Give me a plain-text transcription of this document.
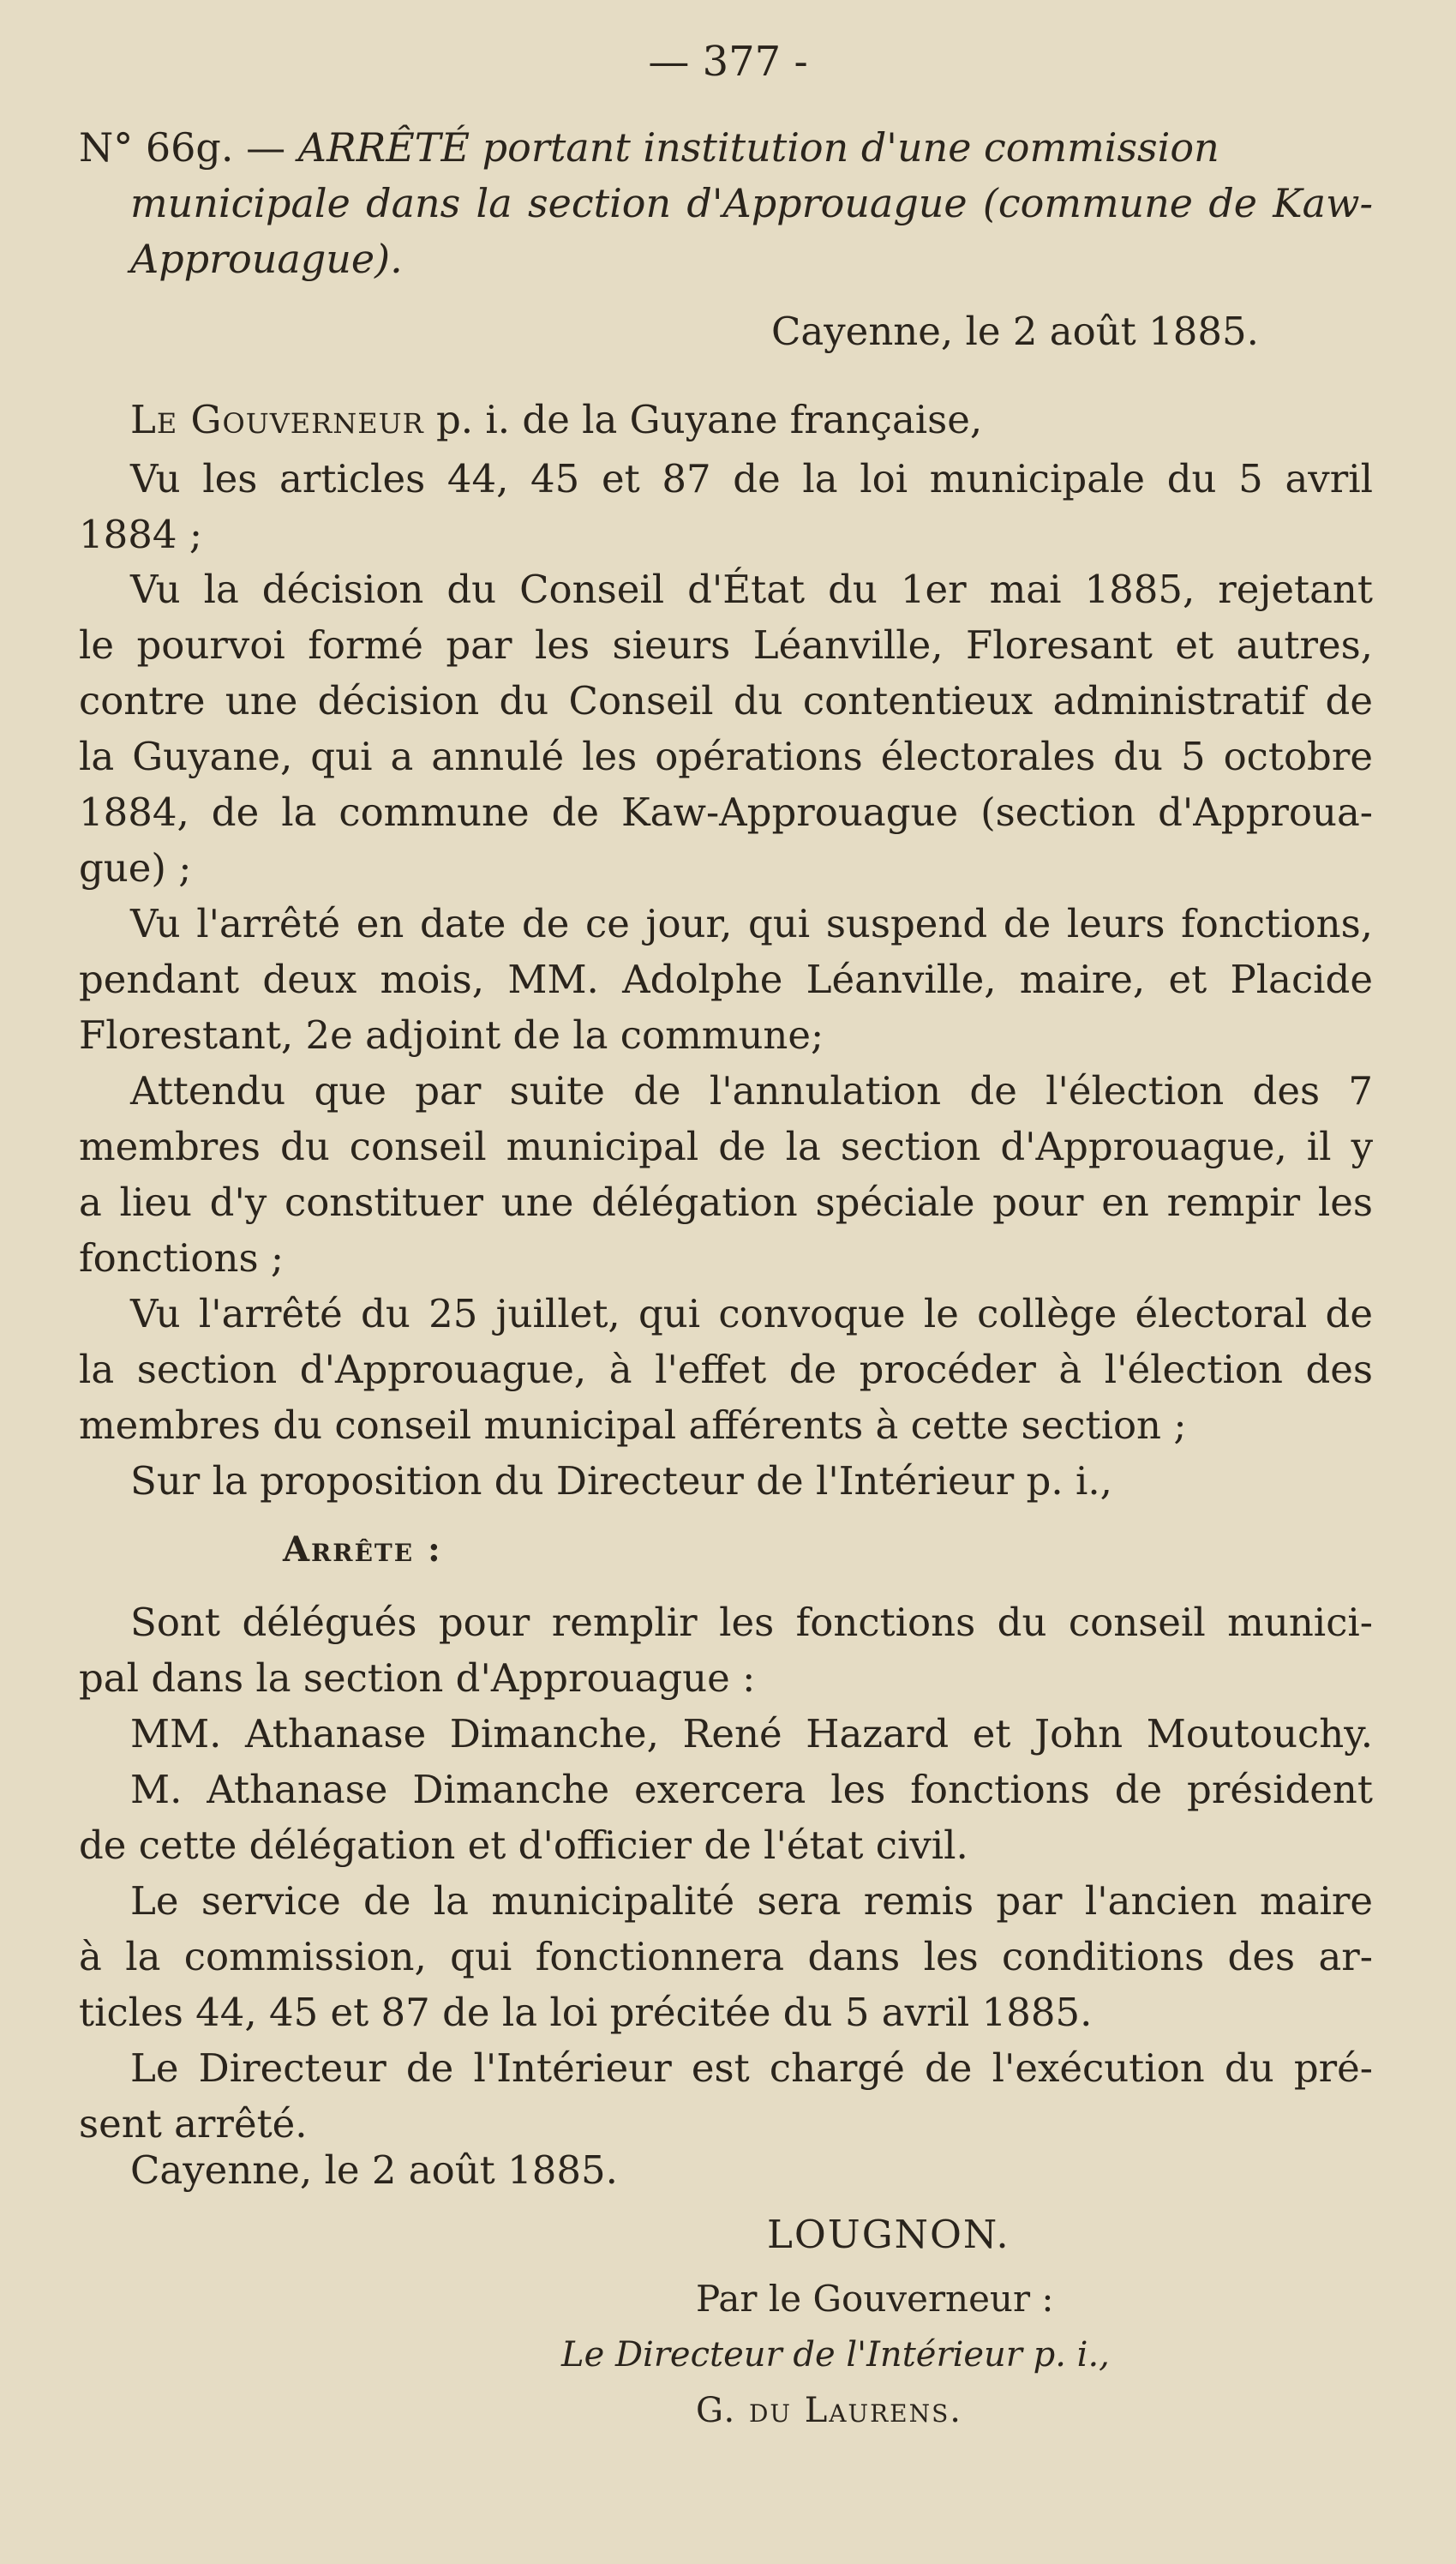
— 377 -
N° 66g. — ARRÊTÉ portant institution d'une commission
municipale dans la section d'Approuague (commune de Kaw-
Approuague).
Cayenne, le 2 août 1885.
Le Gouverneur p. i. de la Guyane française,
Vu les articles 44, 45 et 87 de la loi municipale du 5 avril
1884 ;
Vu la décision du Conseil d'État du 1er mai 1885, rejetant
le pourvoi formé par les sieurs Léanville, Floresant et autres,
contre une décision du Conseil du contentieux administratif de
la Guyane, qui a annulé les opérations électorales du 5 octobre
1884, de la commune de Kaw-Approuague (section d'Approua-
gue) ;
Vu l'arrêté en date de ce jour, qui suspend de leurs fonctions,
pendant deux mois, MM. Adolphe Léanville, maire, et Placide
Florestant, 2e adjoint de la commune;
Attendu que par suite de l'annulation de l'élection des 7
membres du conseil municipal de la section d'Approuague, il y
a lieu d'y constituer une délégation spéciale pour en rempir les
fonctions ;
Vu l'arrêté du 25 juillet, qui convoque le collège électoral de
la section d'Approuague, à l'effet de procéder à l'élection des
membres du conseil municipal afférents à cette section ;
Sur la proposition du Directeur de l'Intérieur p. i.,
Arrête :
Sont délégués pour remplir les fonctions du conseil munici-
pal dans la section d'Approuague :
MM. Athanase Dimanche, René Hazard et John Moutouchy.
M. Athanase Dimanche exercera les fonctions de président
de cette délégation et d'officier de l'état civil.
Le service de la municipalité sera remis par l'ancien maire
à la commission, qui fonctionnera dans les conditions des ar-
ticles 44, 45 et 87 de la loi précitée du 5 avril 1885.
Le Directeur de l'Intérieur est chargé de l'exécution du pré-
sent arrêté.
Cayenne, le 2 août 1885.
LOUGNON.
Par le Gouverneur :
Le Directeur de l'Intérieur p. i.,
G. du Laurens.
